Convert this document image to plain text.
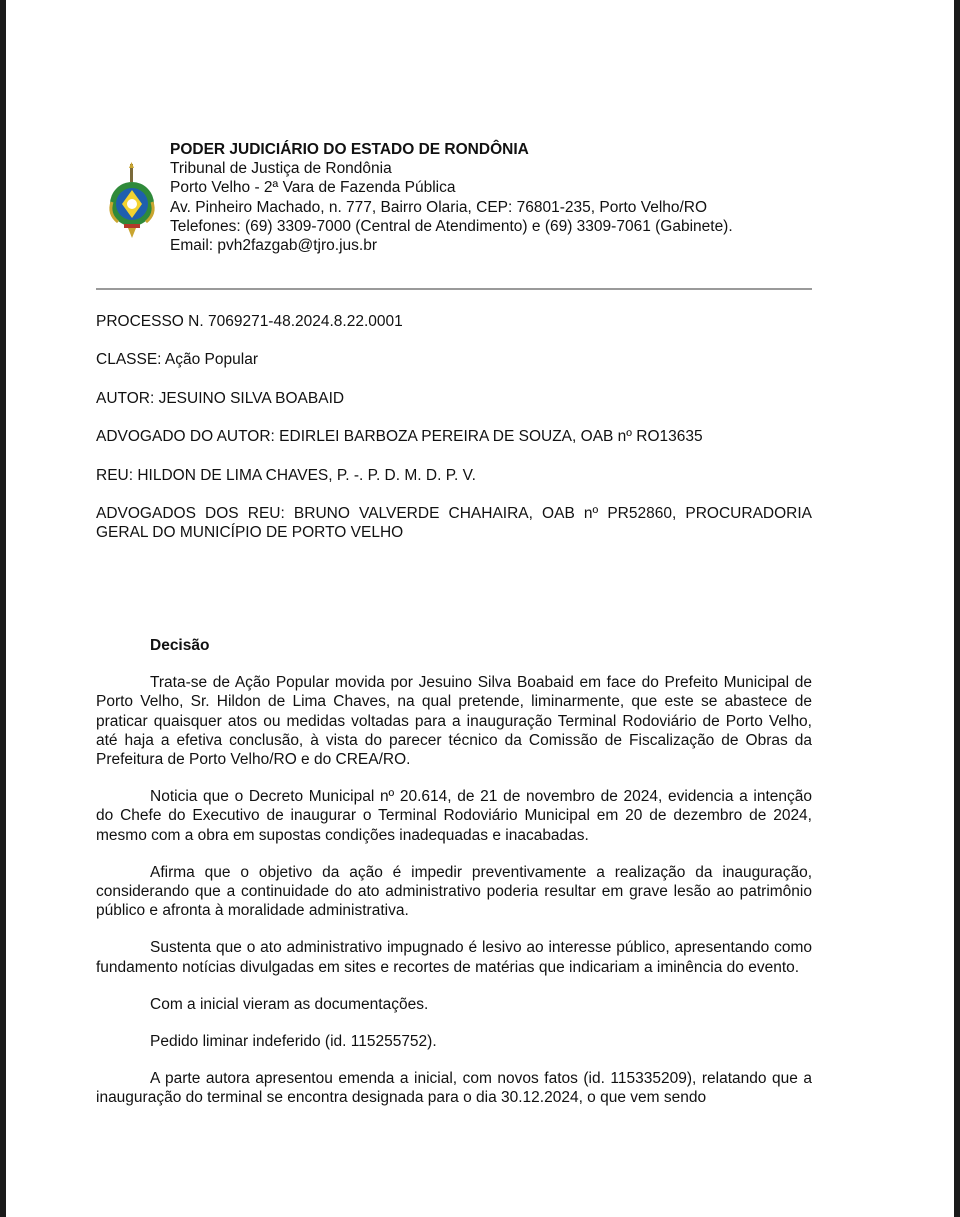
PODER JUDICIÁRIO DO ESTADO DE RONDÔNIA
Tribunal de Justiça de Rondônia
Porto Velho - 2ª Vara de Fazenda Pública
Av. Pinheiro Machado, n. 777, Bairro Olaria, CEP: 76801-235, Porto Velho/RO
Telefones: (69) 3309-7000 (Central de Atendimento) e (69) 3309-7061 (Gabinete).
Email: pvh2fazgab@tjro.jus.br

PROCESSO N. 7069271-48.2024.8.22.0001

CLASSE: Ação Popular

AUTOR: JESUINO SILVA BOABAID

ADVOGADO DO AUTOR: EDIRLEI BARBOZA PEREIRA DE SOUZA, OAB nº RO13635

REU: HILDON DE LIMA CHAVES, P. -. P. D. M. D. P. V.

ADVOGADOS DOS REU: BRUNO VALVERDE CHAHAIRA, OAB nº PR52860, PROCURADORIA GERAL DO MUNICÍPIO DE PORTO VELHO

Decisão

Trata-se de Ação Popular movida por Jesuino Silva Boabaid em face do Prefeito Municipal de Porto Velho, Sr. Hildon de Lima Chaves, na qual pretende, liminarmente, que este se abastece de praticar quaisquer atos ou medidas voltadas para a inauguração Terminal Rodoviário de Porto Velho, até haja a efetiva conclusão, à vista do parecer técnico da Comissão de Fiscalização de Obras da Prefeitura de Porto Velho/RO e do CREA/RO.

Noticia que o Decreto Municipal nº 20.614, de 21 de novembro de 2024, evidencia a intenção do Chefe do Executivo de inaugurar o Terminal Rodoviário Municipal em 20 de dezembro de 2024, mesmo com a obra em supostas condições inadequadas e inacabadas.

Afirma que o objetivo da ação é impedir preventivamente a realização da inauguração, considerando que a continuidade do ato administrativo poderia resultar em grave lesão ao patrimônio público e afronta à moralidade administrativa.

Sustenta que o ato administrativo impugnado é lesivo ao interesse público, apresentando como fundamento notícias divulgadas em sites e recortes de matérias que indicariam a iminência do evento.

Com a inicial vieram as documentações.

Pedido liminar indeferido (id. 115255752).

A parte autora apresentou emenda a inicial, com novos fatos (id. 115335209), relatando que a inauguração do terminal se encontra designada para o dia 30.12.2024, o que vem sendo
